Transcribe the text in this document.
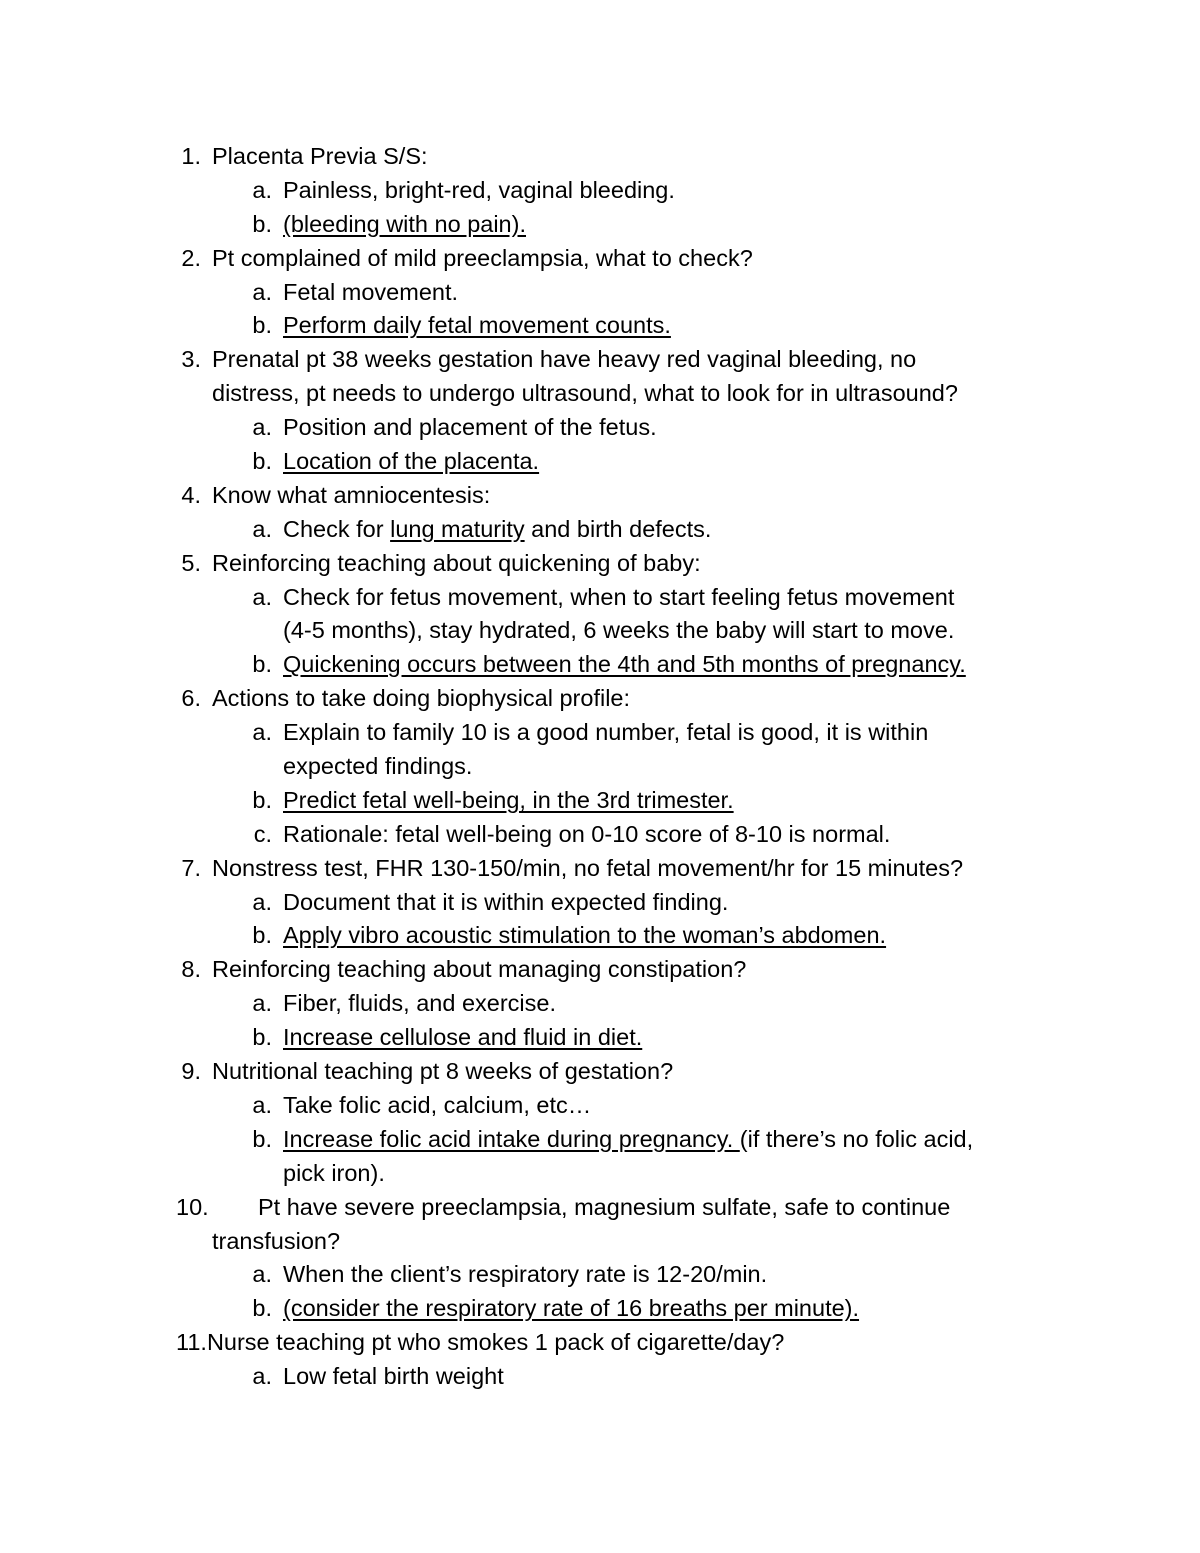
1. Placenta Previa S/S:
a. Painless, bright-red, vaginal bleeding.
b. (bleeding with no pain).
2. Pt complained of mild preeclampsia, what to check?
a. Fetal movement.
b. Perform daily fetal movement counts.
3. Prenatal pt 38 weeks gestation have heavy red vaginal bleeding, no
distress, pt needs to undergo ultrasound, what to look for in ultrasound?
a. Position and placement of the fetus.
b. Location of the placenta.
4. Know what amniocentesis:
a. Check for lung maturity and birth defects.
5. Reinforcing teaching about quickening of baby:
a. Check for fetus movement, when to start feeling fetus movement
(4-5 months), stay hydrated, 6 weeks the baby will start to move.
b. Quickening occurs between the 4th and 5th months of pregnancy.
6. Actions to take doing biophysical profile:
a. Explain to family 10 is a good number, fetal is good, it is within
expected findings.
b. Predict fetal well-being, in the 3rd trimester.
c. Rationale: fetal well-being on 0-10 score of 8-10 is normal.
7. Nonstress test, FHR 130-150/min, no fetal movement/hr for 15 minutes?
a. Document that it is within expected finding.
b. Apply vibro acoustic stimulation to the woman’s abdomen.
8. Reinforcing teaching about managing constipation?
a. Fiber, fluids, and exercise.
b. Increase cellulose and fluid in diet.
9. Nutritional teaching pt 8 weeks of gestation?
a. Take folic acid, calcium, etc…
b. Increase folic acid intake during pregnancy. (if there’s no folic acid,
pick iron).
10.	Pt have severe preeclampsia, magnesium sulfate, safe to continue
transfusion?
a. When the client’s respiratory rate is 12-20/min.
b. (consider the respiratory rate of 16 breaths per minute).
11.Nurse teaching pt who smokes 1 pack of cigarette/day?
a. Low fetal birth weight
